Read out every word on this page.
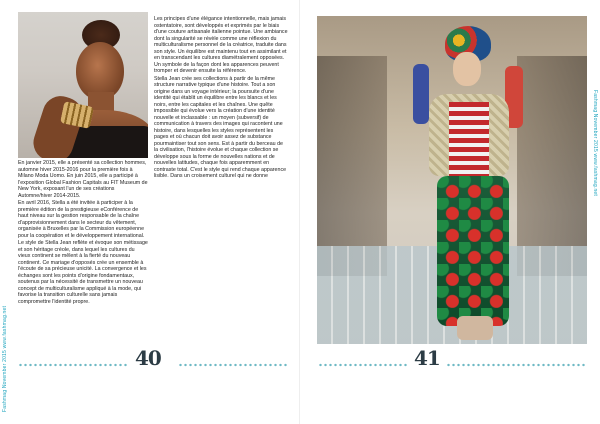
En janvier 2015, elle a présenté sa collection hommes, automne hiver 2015-2016 pour la première fois à Milano Moda Uomo. En juin 2015, elle a participé à l'exposition Global Fashion Capitals au FIT Museum de New York, exposant l'un de ses créations Automne/hiver 2014-2015.

En avril 2016, Stella a été invitée à participer à la première édition de la prestigieuse eConférence de haut niveau sur la gestion responsable de la chaîne d'approvisionnement dans le secteur du vêtement, organisée à Bruxelles par la Commission européenne pour la coopération et le développement international.

Le style de Stella Jean reflète et évoque son métissage et son héritage créole, dans lequel les cultures du vieux continent se mêlent à la fierté du nouveau continent. Ce mariage d'opposés crée un ensemble à l'écoute de sa précieuse unicité. La convergence et les échanges sont les points d'origine fondamentaux, soutenus par la nécessité de transmettre un nouveau concept de multiculturalisme appliqué à la mode, qui favorise la transition culturelle sans jamais compromettre l'identité propre.

Les principes d'une élégance intentionnelle, mais jamais ostentatoire, sont développés et exprimés par le biais d'une couture artisanale italienne pointue. Une ambiance dont la singularité se révèle comme une réflexion du multiculturalisme personnel de la créatrice, traduite dans son style. Un équilibre est maintenu tout en assimilant et en transcendant les cultures diamétralement opposées. Un symbole de la façon dont les apparences peuvent tromper et devenir ensuite la référence.

Stella Jean crée ses collections à partir de la même structure narrative typique d'une histoire. Tout a son origine dans un voyage intérieur; la poursuite d'une identité qui établit un équilibre entre les blancs et les noirs, entre les capitales et les chaînes. Une quête impossible qui évolue vers la création d'une identité nouvelle et inclassable : un moyen (subversif) de communication à travers des images qui racontent une histoire, dans lesquelles les styles représentent les pages et où chacun doit avoir assez de substance pourmaintiser tout son sens. Est à partir du berceau de la civilisation, l'histoire évolue et chaque collection se développe sous la forme de nouvelles nations et de nouvelles latitudes, chaque fois apparemment en contraste total. C'est le style qui rend chaque apparence lisible. Dans un croisement culturel qui ne donne

Fashmag November 2015 www.fashmag.net	40	41
Fashmag November 2015 www.fashmag.net
